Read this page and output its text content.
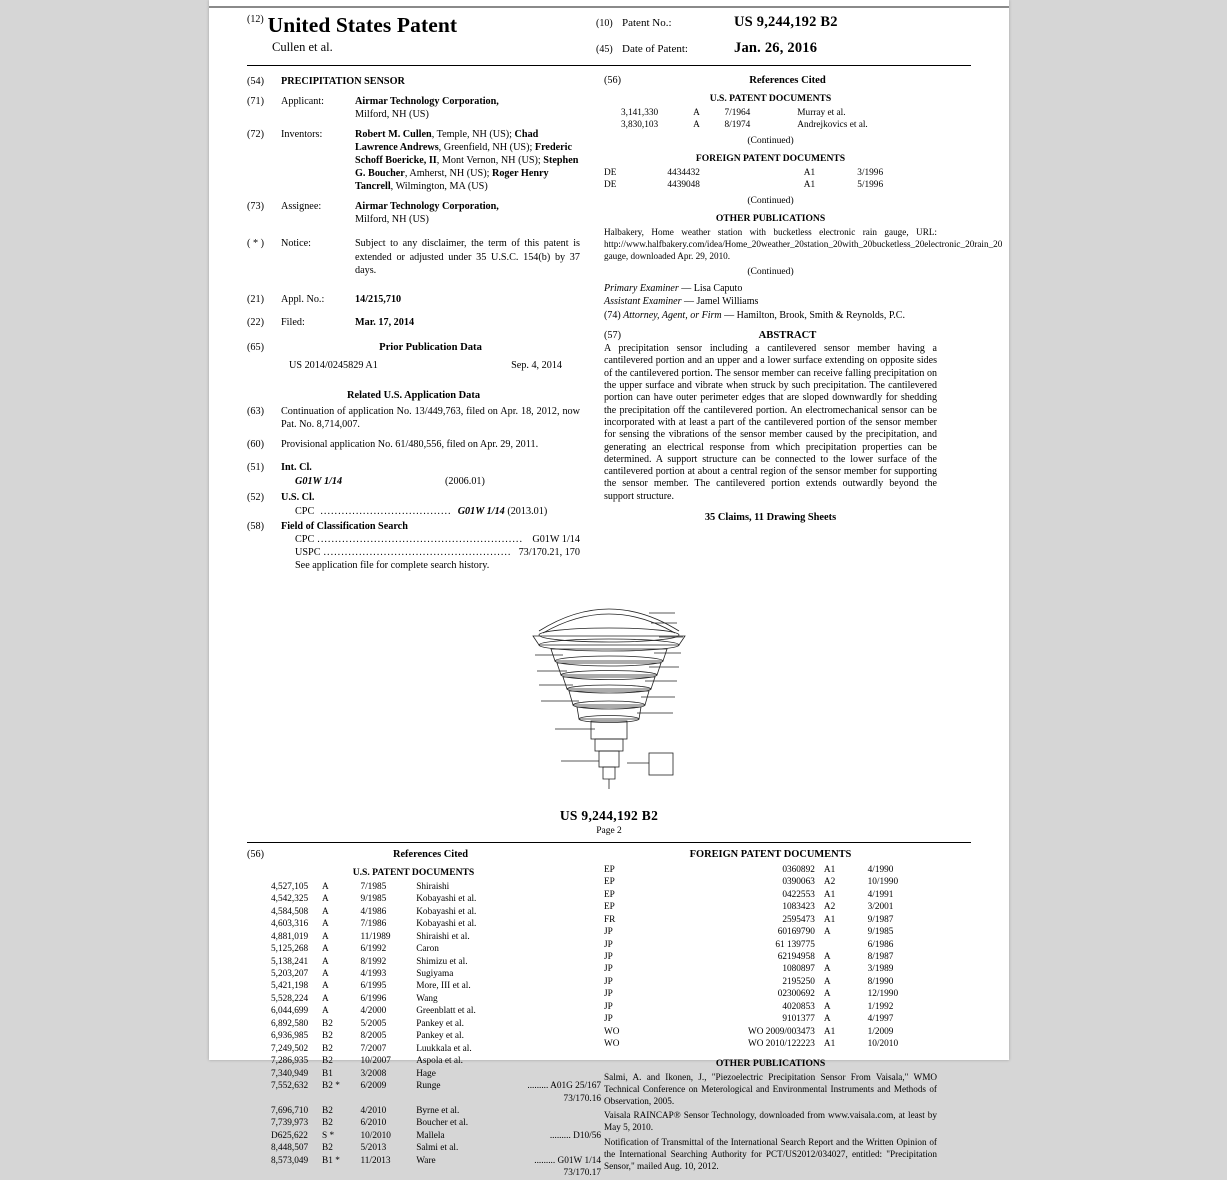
$^{(12)}$ United States Patent
Cullen et al.
(10) Patent No.:	US 9,244,192 B2
(45) Date of Patent:	Jan. 26, 2016
(54)	PRECIPITATION SENSOR
(71)	Applicant:	Airmar Technology Corporation,
Milford, NH (US)
(72)	Inventors:	Robert M. Cullen, Temple, NH (US); Chad Lawrence Andrews, Greenfield, NH (US); Frederic Schoff Boericke, II, Mont Vernon, NH (US); Stephen G. Boucher, Amherst, NH (US); Roger Henry Tancrell, Wilmington, MA (US)
(73)	Assignee:	Airmar Technology Corporation,
Milford, NH (US)
( * )	Notice:	Subject to any disclaimer, the term of this patent is extended or adjusted under 35 U.S.C. 154(b) by 37 days.
(21)	Appl. No.:	14/215,710
(22)	Filed:	Mar. 17, 2014
(65)	Prior Publication Data
US 2014/0245829 A1	Sep. 4, 2014
Related U.S. Application Data
(63)	Continuation of application No. 13/449,763, filed on Apr. 18, 2012, now Pat. No. 8,714,007.
(60)	Provisional application No. 61/480,556, filed on Apr. 29, 2011.
(51)	Int. Cl.
G01W 1/14	(2006.01)
(52)	U.S. Cl.
CPC  .....................................  G01W 1/14 (2013.01)
(58)	Field of Classification Search
CPC .......................................................... G01W 1/14
USPC ..................................................... 73/170.21, 170
See application file for complete search history.
(56)	References Cited
U.S. PATENT DOCUMENTS
	3,141,330	A	7/1964	Murray et al.
	3,830,103	A	8/1974	Andrejkovics et al.
(Continued)
FOREIGN PATENT DOCUMENTS
DE	4434432	A1	3/1996
DE	4439048	A1	5/1996
(Continued)
OTHER PUBLICATIONS
Halbakery, Home weather station with bucketless electronic rain gauge, URL: http://www.halfbakery.com/idea/Home_20weather_20station_20with_20bucketless_20electronic_20rain_20 gauge, downloaded Apr. 29, 2010.
(Continued)
Primary Examiner — Lisa Caputo
Assistant Examiner — Jamel Williams
(74) Attorney, Agent, or Firm — Hamilton, Brook, Smith & Reynolds, P.C.
(57)	ABSTRACT
A precipitation sensor including a cantilevered sensor member having a cantilevered portion and an upper and a lower surface extending on opposite sides of the cantilevered portion. The sensor member can receive falling precipitation on the upper surface and vibrate when struck by such precipitation. The cantilevered portion can have outer perimeter edges that are sloped downwardly for shedding the precipitation off the cantilevered portion. An electromechanical sensor can be incorporated with at least a part of the cantilevered portion of the sensor member for sensing the vibrations of the sensor member caused by the precipitation, and generating an electrical response from which precipitation properties can be determined. A support structure can be connected to the lower surface of the cantilevered portion at about a central region of the sensor member for supporting the sensor member. The cantilevered portion extends outwardly beyond the support structure.
35 Claims, 11 Drawing Sheets
US 9,244,192 B2
Page 2
(56)	References Cited
U.S. PATENT DOCUMENTS
4,527,105	A	7/1985	Shiraishi	
4,542,325	A	9/1985	Kobayashi et al.	
4,584,508	A	4/1986	Kobayashi et al.	
4,603,316	A	7/1986	Kobayashi et al.	
4,881,019	A	11/1989	Shiraishi et al.	
5,125,268	A	6/1992	Caron	
5,138,241	A	8/1992	Shimizu et al.	
5,203,207	A	4/1993	Sugiyama	
5,421,198	A	6/1995	More, III et al.	
5,528,224	A	6/1996	Wang	
6,044,699	A	4/2000	Greenblatt et al.	
6,892,580	B2	5/2005	Pankey et al.	
6,936,985	B2	8/2005	Pankey et al.	
7,249,502	B2	7/2007	Luukkala et al.	
7,286,935	B2	10/2007	Aspola et al.	
7,340,949	B1	3/2008	Hage	
7,552,632	B2 *	6/2009	Runge	......... A01G 25/167
				73/170.16
7,696,710	B2	4/2010	Byrne et al.	
7,739,973	B2	6/2010	Boucher et al.	
D625,622	S *	10/2010	Mallela	......... D10/56
8,448,507	B2	5/2013	Salmi et al.	
8,573,049	B1 *	11/2013	Ware	......... G01W 1/14
				73/170.17
FOREIGN PATENT DOCUMENTS
EP	0360892	A1	4/1990
EP	0390063	A2	10/1990
EP	0422553	A1	4/1991
EP	1083423	A2	3/2001
FR	2595473	A1	9/1987
JP	60169790	A	9/1985
JP	61 139775		6/1986
JP	62194958	A	8/1987
JP	1080897	A	3/1989
JP	2195250	A	8/1990
JP	02300692	A	12/1990
JP	4020853	A	1/1992
JP	9101377	A	4/1997
WO	WO 2009/003473	A1	1/2009
WO	WO 2010/122223	A1	10/2010
OTHER PUBLICATIONS
Salmi, A. and Ikonen, J., "Piezoelectric Precipitation Sensor From Vaisala," WMO Technical Conference on Meterological and Environmental Instruments and Methods of Observation, 2005.
Vaisala RAINCAP® Sensor Technology, downloaded from www.vaisala.com, at least by May 5, 2010.
Notification of Transmittal of the International Search Report and the Written Opinion of the International Searching Authority for PCT/US2012/034027, entitled: "Precipitation Sensor," mailed Aug. 10, 2012.
